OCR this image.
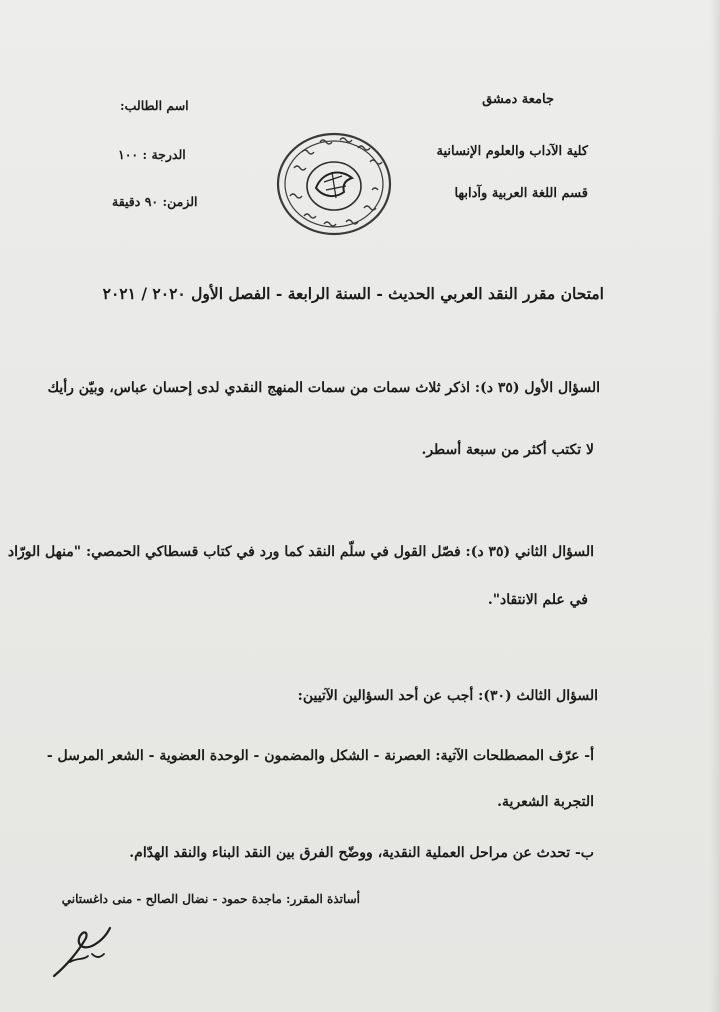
جامعة دمشق
كلية الآداب والعلوم الإنسانية
قسم اللغة العربية وآدابها
اسم الطالب:
الدرجة : ١٠٠
الزمن: ٩٠ دقيقة
امتحان مقرر النقد العربي الحديث - السنة الرابعة - الفصل الأول ٢٠٢٠ / ٢٠٢١
السؤال الأول (٣٥ د): اذكر ثلاث سمات من سمات المنهج النقدي لدى إحسان عباس، وبيّن رأيك
لا تكتب أكثر من سبعة أسطر.
السؤال الثاني (٣٥ د): فصّل القول في سلّم النقد كما ورد في كتاب قسطاكي الحمصي: "منهل الورّاد
في علم الانتقاد".
السؤال الثالث (٣٠): أجب عن أحد السؤالين الآتيين:
أ- عرّف المصطلحات الآتية: العصرنة - الشكل والمضمون - الوحدة العضوية - الشعر المرسل -
التجربة الشعرية.
ب- تحدث عن مراحل العملية النقدية، ووضّح الفرق بين النقد البناء والنقد الهدّام.
أساتذة المقرر: ماجدة حمود - نضال الصالح - منى داغستاني
